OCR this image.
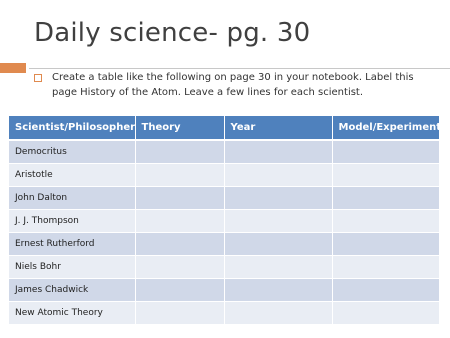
Daily science- pg. 30
Create a table like the following on page 30 in your notebook. Label this page History of the Atom. Leave a few lines for each scientist.
Scientist/Philosopher	Theory	Year	Model/Experiment
Democritus			
Aristotle			
John Dalton			
J. J. Thompson			
Ernest Rutherford			
Niels Bohr			
James Chadwick			
New Atomic Theory			
